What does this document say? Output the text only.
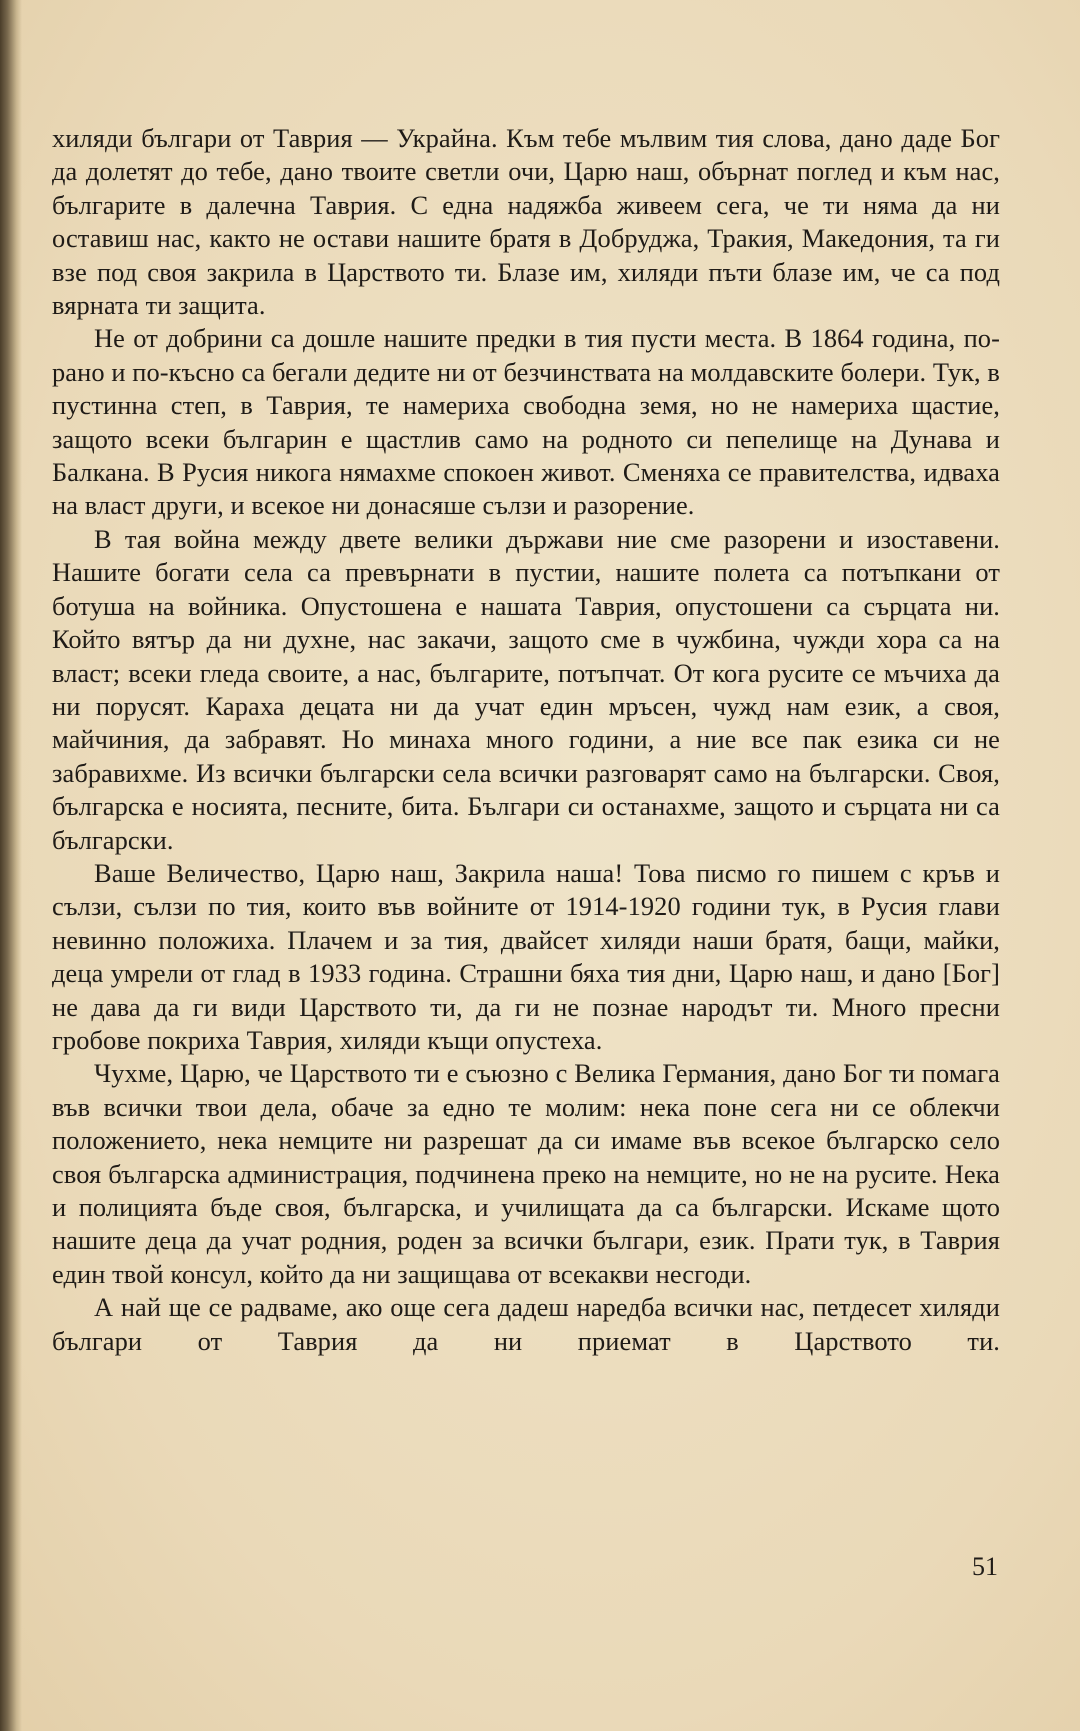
хиляди българи от Таврия — Украйна. Към тебе мълвим тия слова, дано даде Бог да долетят до тебе, дано твоите светли очи, Царю наш, обърнат поглед и към нас, българите в далечна Таврия. С една надяжба живеем сега, че ти няма да ни оставиш нас, както не остави нашите братя в Добруджа, Тракия, Македония, та ги взе под своя закрила в Царството ти. Блазе им, хиляди пъти блазе им, че са под вярната ти защита.

Не от добрини са дошле нашите предки в тия пусти места. В 1864 година, по-рано и по-късно са бегали дедите ни от безчинствата на молдавските болери. Тук, в пустинна степ, в Таврия, те намериха свободна земя, но не намериха щастие, защото всеки българин е щастлив само на родното си пепелище на Дунава и Балкана. В Русия никога нямахме спокоен живот. Сменяха се правителства, идваха на власт други, и всекое ни донасяше сълзи и разорение.

В тая война между двете велики държави ние сме разорени и изоставени. Нашите богати села са превърнати в пустии, нашите полета са потъпкани от ботуша на войника. Опустошена е нашата Таврия, опустошени са сърцата ни. Който вятър да ни духне, нас закачи, защото сме в чужбина, чужди хора са на власт; всеки гледа своите, а нас, българите, потъпчат. От кога русите се мъчиха да ни порусят. Караха децата ни да учат един мръсен, чужд нам език, а своя, майчиния, да забравят. Но минаха много години, а ние все пак езика си не забравихме. Из всички български села всички разговарят само на български. Своя, българска е носията, песните, бита. Българи си останахме, защото и сърцата ни са български.

Ваше Величество, Царю наш, Закрила наша! Това писмо го пишем с кръв и сълзи, сълзи по тия, които във войните от 1914-1920 години тук, в Русия глави невинно положиха. Плачем и за тия, двайсет хиляди наши братя, бащи, майки, деца умрели от глад в 1933 година. Страшни бяха тия дни, Царю наш, и дано [Бог] не дава да ги види Царството ти, да ги не познае народът ти. Много пресни гробове покриха Таврия, хиляди къщи опустеха.

Чухме, Царю, че Царството ти е съюзно с Велика Германия, дано Бог ти помага във всички твои дела, обаче за едно те молим: нека поне сега ни се облекчи положението, нека немците ни разрешат да си имаме във всекое българско село своя българска администрация, подчинена преко на немците, но не на русите. Нека и полицията бъде своя, българска, и училищата да са български. Искаме щото нашите деца да учат родния, роден за всички българи, език. Прати тук, в Таврия един твой консул, който да ни защищава от всекакви несгоди.

А най ще се радваме, ако още сега дадеш наредба всички нас, петдесет хиляди българи от Таврия да ни приемат в Царството ти.

51
